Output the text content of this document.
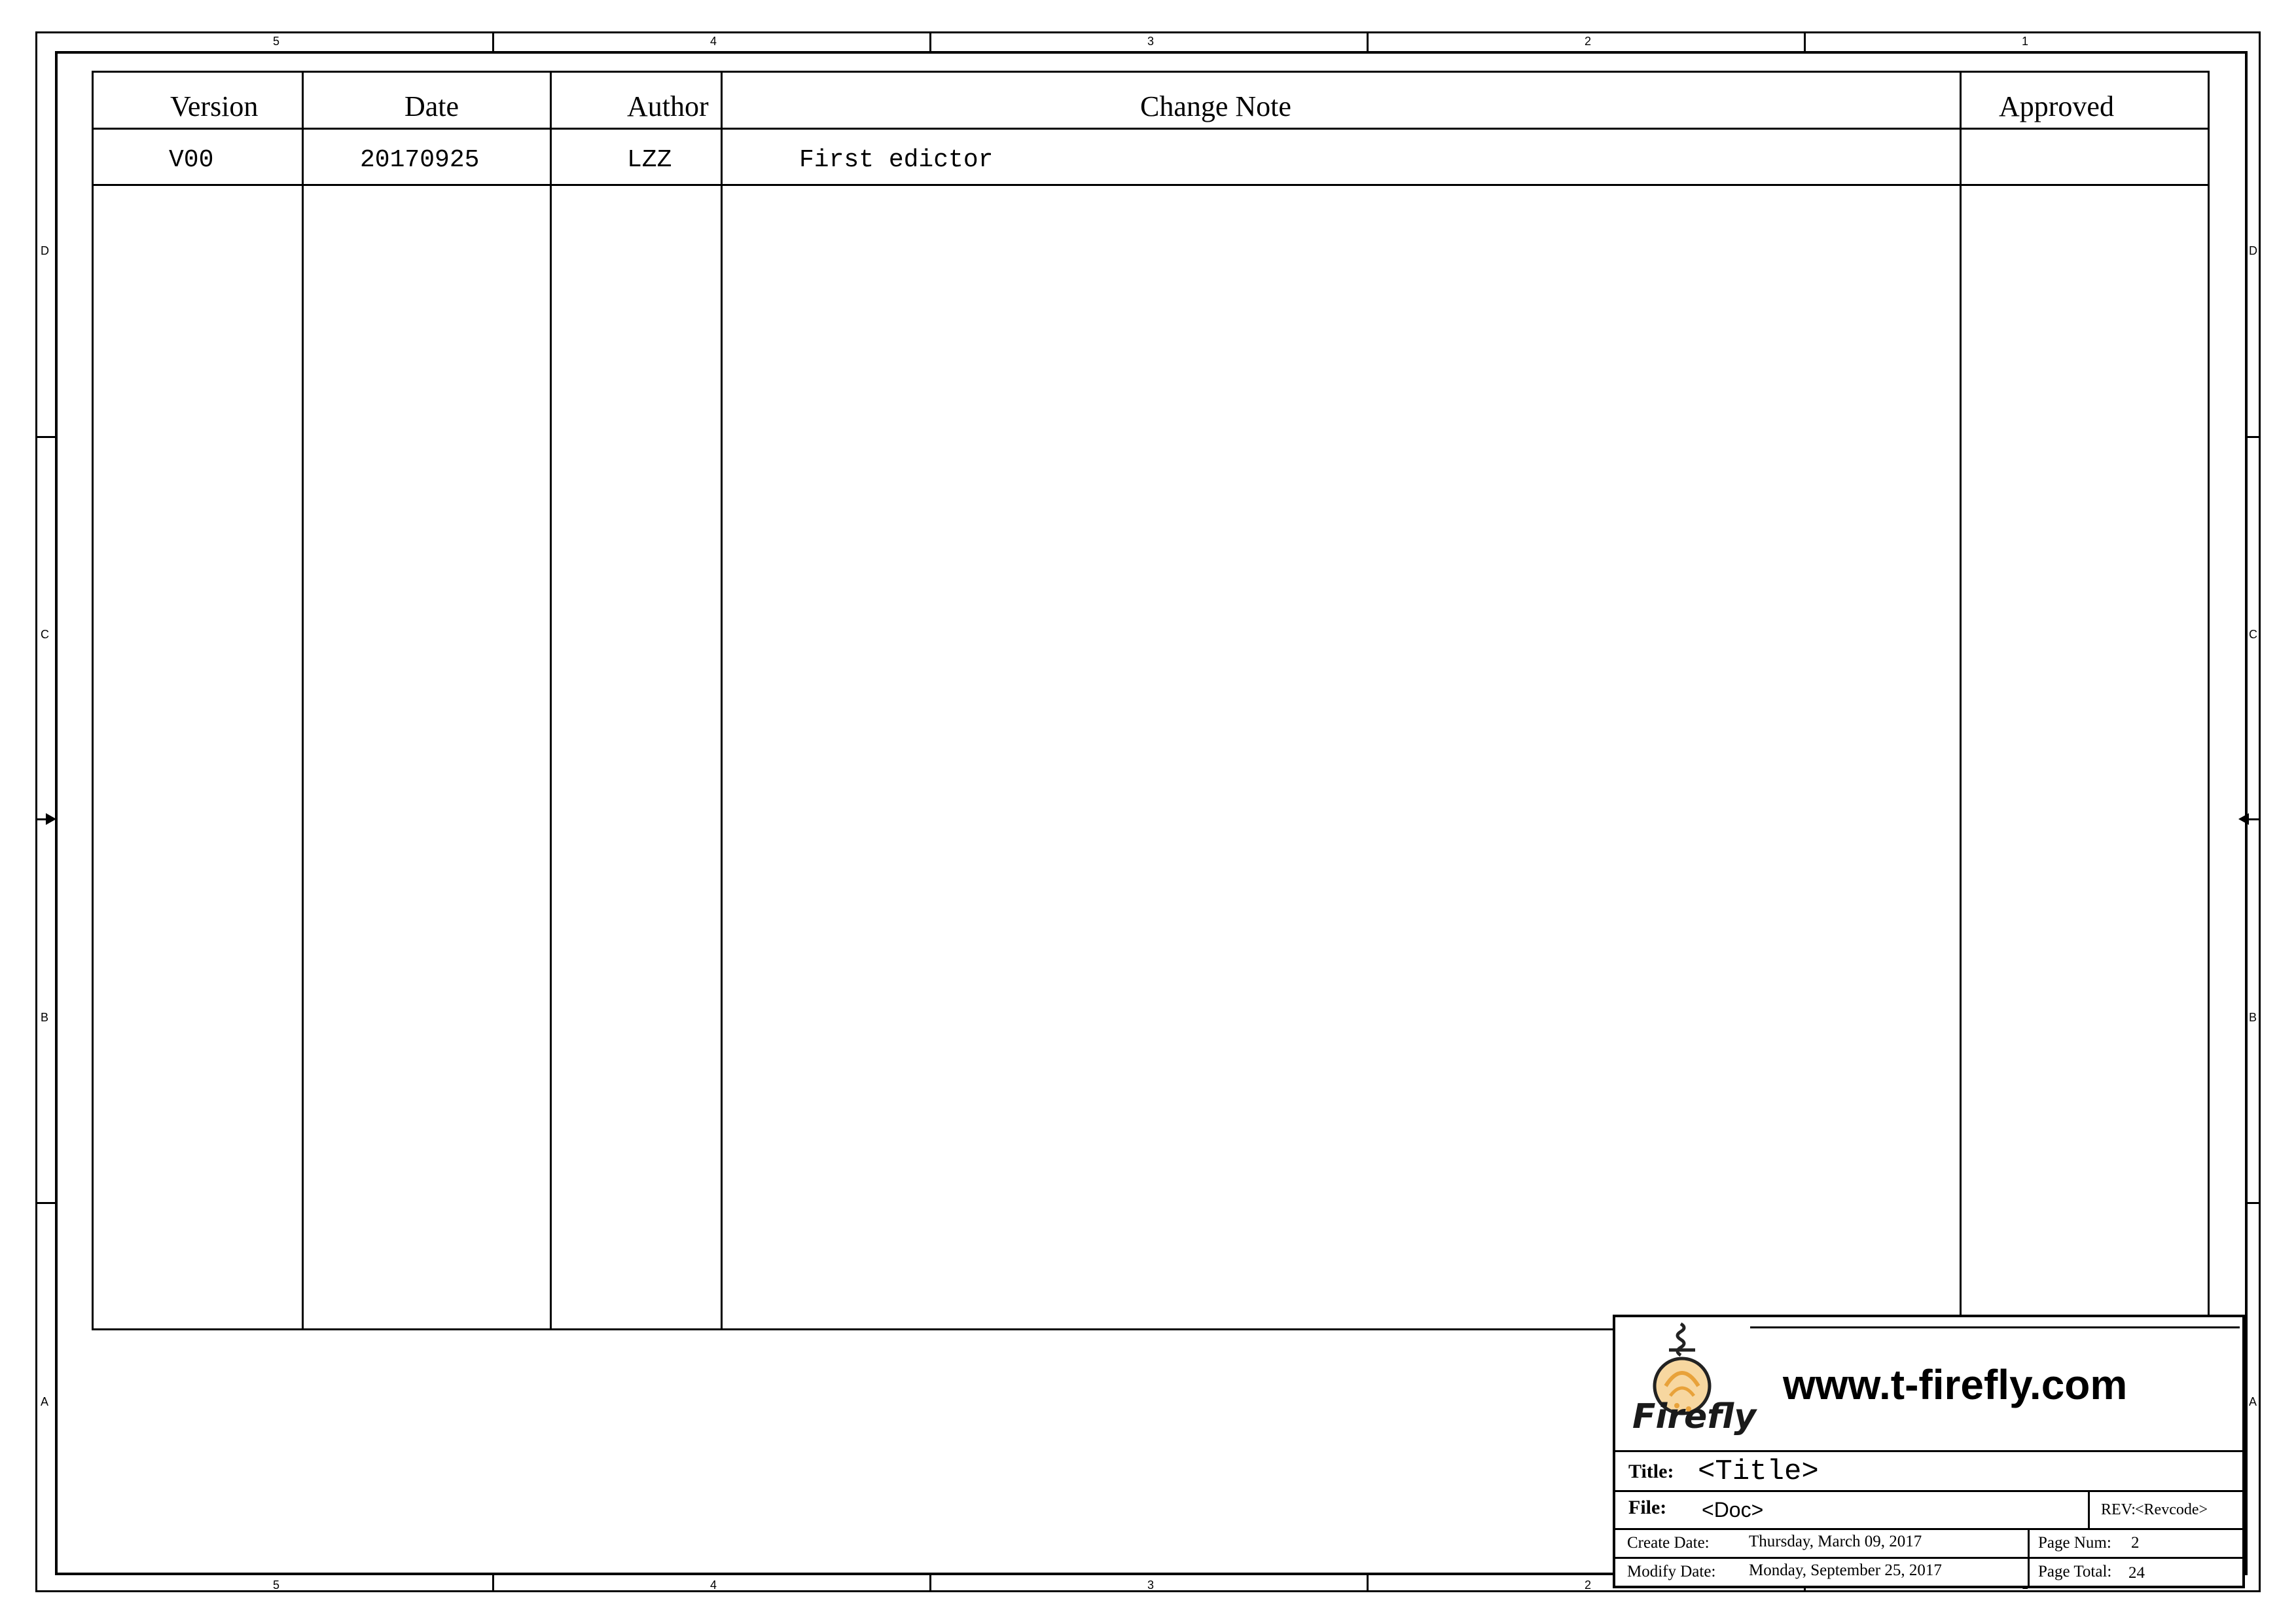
5	4	3	2	1
5	4	3	2
D
C
B
A
D
C
B
A
Version	Date	Author	Change Note	Approved
V00	20170925	LZZ	First edictor
Firefly
www.t-firefly.com
Title: <Title>
File: <Doc>	REV: <Revcode>
Create Date: Thursday, March 09, 2017	Page Num: 2
Modify Date: Monday, September 25, 2017	Page Total: 24
